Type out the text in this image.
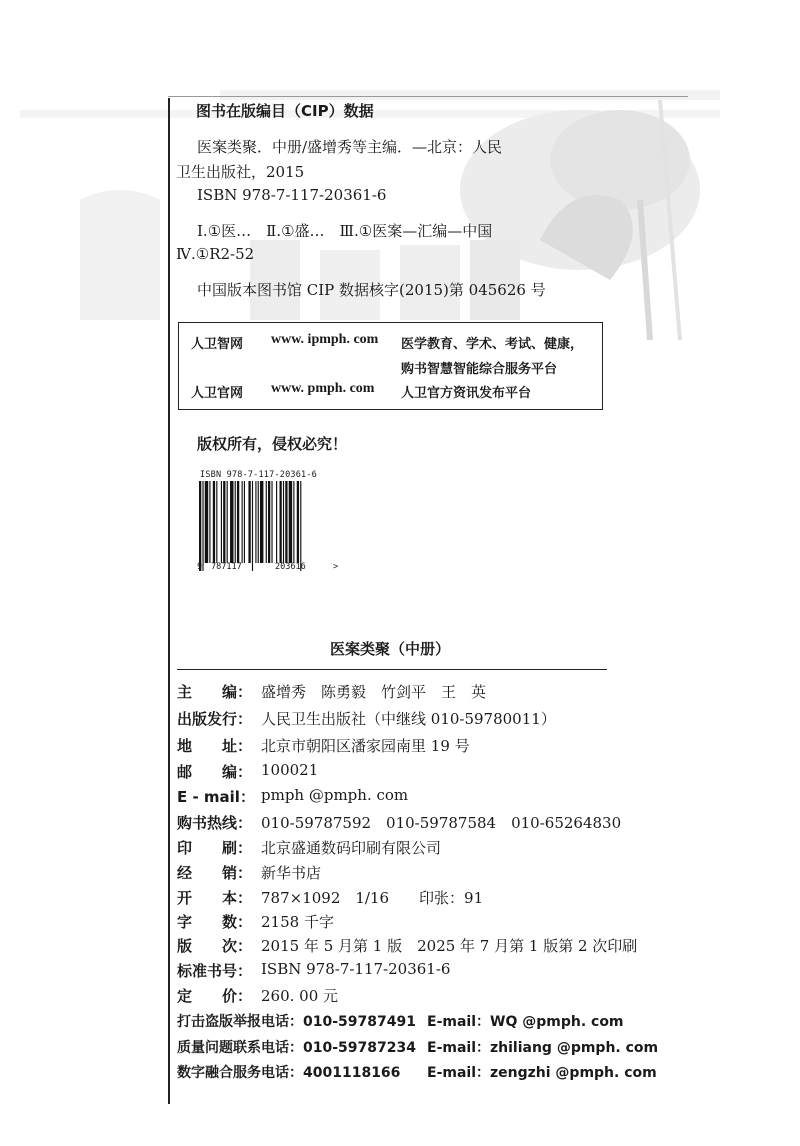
图书在版编目（CIP）数据
医案类聚．中册/盛增秀等主编．—北京：人民
卫生出版社，2015
ISBN 978-7-117-20361-6
Ⅰ.①医…　Ⅱ.①盛…　Ⅲ.①医案—汇编—中国
Ⅳ.①R2-52
中国版本图书馆 CIP 数据核字(2015)第 045626 号
人卫智网 www. ipmph. com 医学教育、学术、考试、健康，
购书智慧智能综合服务平台
人卫官网 www. pmph. com 人卫官方资讯发布平台
版权所有，侵权必究！
ISBN 978-7-117-20361-6
9 787117	203616	>
医案类聚（中册）
主　　编： 盛增秀　陈勇毅　竹剑平　王　英
出版发行： 人民卫生出版社（中继线 010-59780011）
地　　址： 北京市朝阳区潘家园南里 19 号
邮　　编： 100021
E - mail： pmph @pmph. com
购书热线： 010-59787592　010-59787584　010-65264830
印　　刷： 北京盛通数码印刷有限公司
经　　销： 新华书店
开　　本： 787×1092　1/16　　印张：91
字　　数： 2158 千字
版　　次： 2015 年 5 月第 1 版　2025 年 7 月第 1 版第 2 次印刷
标准书号： ISBN 978-7-117-20361-6
定　　价： 260. 00 元
打击盗版举报电话：010-59787491 E-mail：WQ @pmph. com
质量问题联系电话：010-59787234 E-mail：zhiliang @pmph. com
数字融合服务电话：4001118166 E-mail：zengzhi @pmph. com
